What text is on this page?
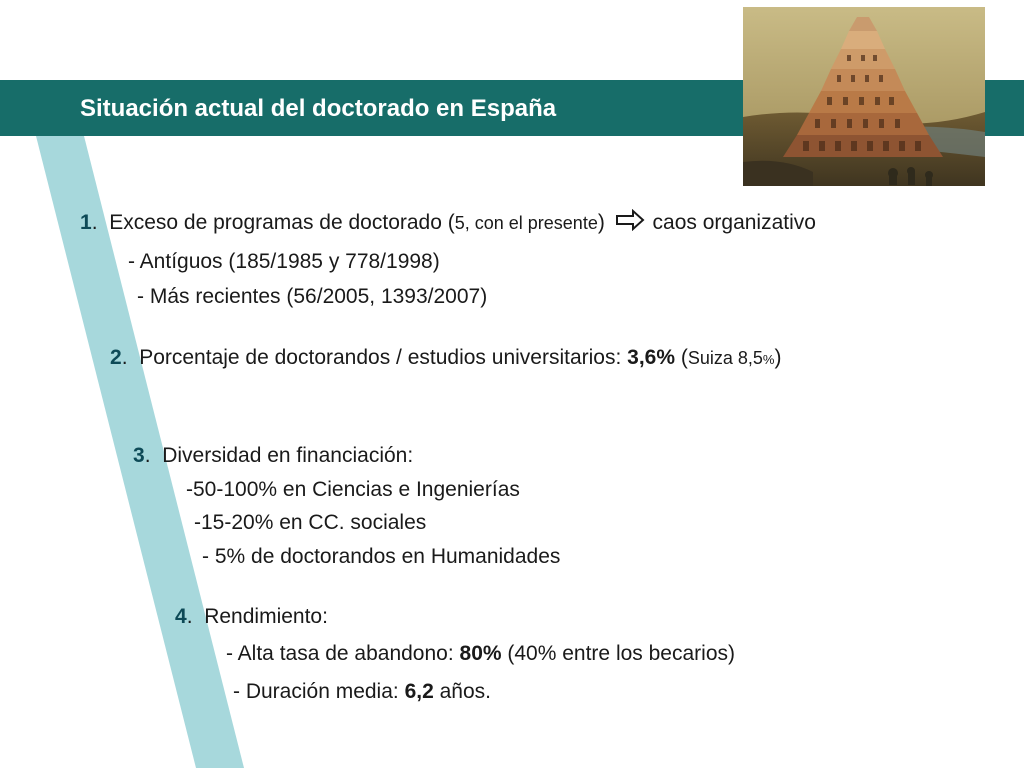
Situación actual del doctorado en España
1.  Exceso de programas de doctorado (5, con el presente) caos organizativo
- Antíguos (185/1985 y 778/1998)
- Más recientes (56/2005, 1393/2007)
2.  Porcentaje de doctorandos / estudios universitarios: 3,6% (Suiza 8,5%)
3.  Diversidad en financiación:
-50-100% en Ciencias e Ingenierías
-15-20% en CC. sociales
- 5% de doctorandos en Humanidades
4.  Rendimiento:
- Alta tasa de abandono: 80% (40% entre los becarios)
- Duración media: 6,2 años.
